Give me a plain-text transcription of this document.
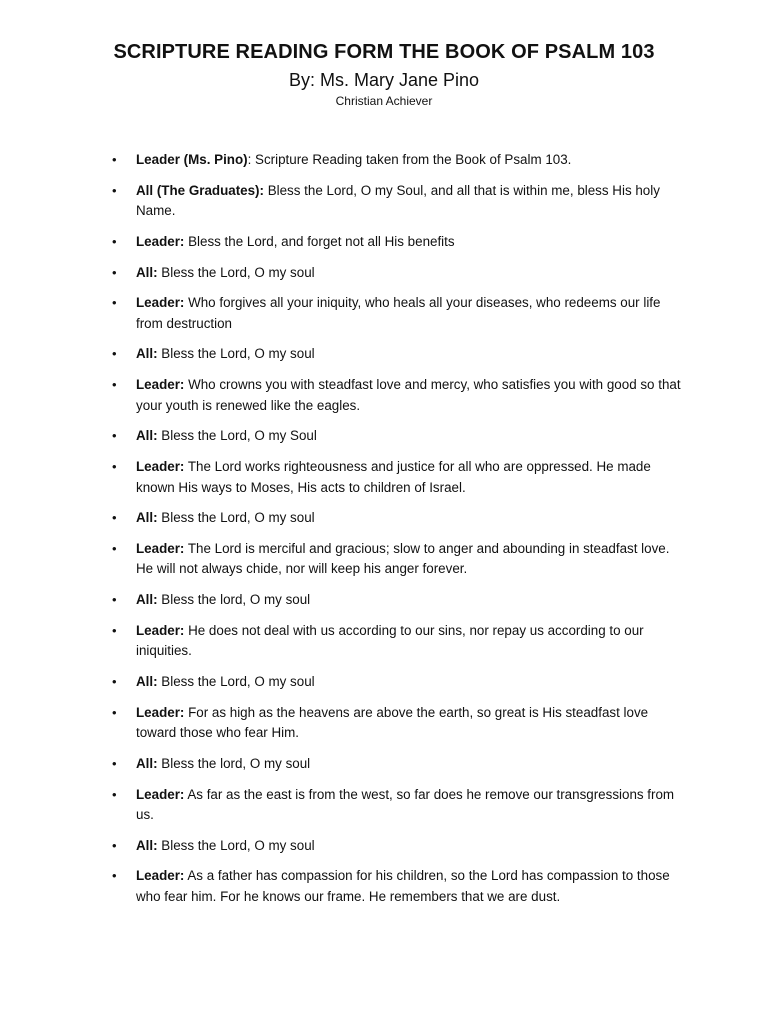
SCRIPTURE READING FORM THE BOOK OF PSALM 103
By: Ms. Mary Jane Pino
Christian Achiever
• Leader (Ms. Pino): Scripture Reading taken from the Book of Psalm 103.
• All (The Graduates): Bless the Lord, O my Soul, and all that is within me, bless His holy Name.
• Leader: Bless the Lord, and forget not all His benefits
• All: Bless the Lord, O my soul
• Leader: Who forgives all your iniquity, who heals all your diseases, who redeems our life from destruction
• All: Bless the Lord, O my soul
• Leader: Who crowns you with steadfast love and mercy, who satisfies you with good so that your youth is renewed like the eagles.
• All: Bless the Lord, O my Soul
• Leader: The Lord works righteousness and justice for all who are oppressed. He made known His ways to Moses, His acts to children of Israel.
• All: Bless the Lord, O my soul
• Leader: The Lord is merciful and gracious; slow to anger and abounding in steadfast love. He will not always chide, nor will keep his anger forever.
• All: Bless the lord, O my soul
• Leader: He does not deal with us according to our sins, nor repay us according to our iniquities.
• All: Bless the Lord, O my soul
• Leader: For as high as the heavens are above the earth, so great is His steadfast love toward those who fear Him.
• All: Bless the lord, O my soul
• Leader: As far as the east is from the west, so far does he remove our transgressions from us.
• All: Bless the Lord, O my soul
• Leader: As a father has compassion for his children, so the Lord has compassion to those who fear him. For he knows our frame. He remembers that we are dust.
